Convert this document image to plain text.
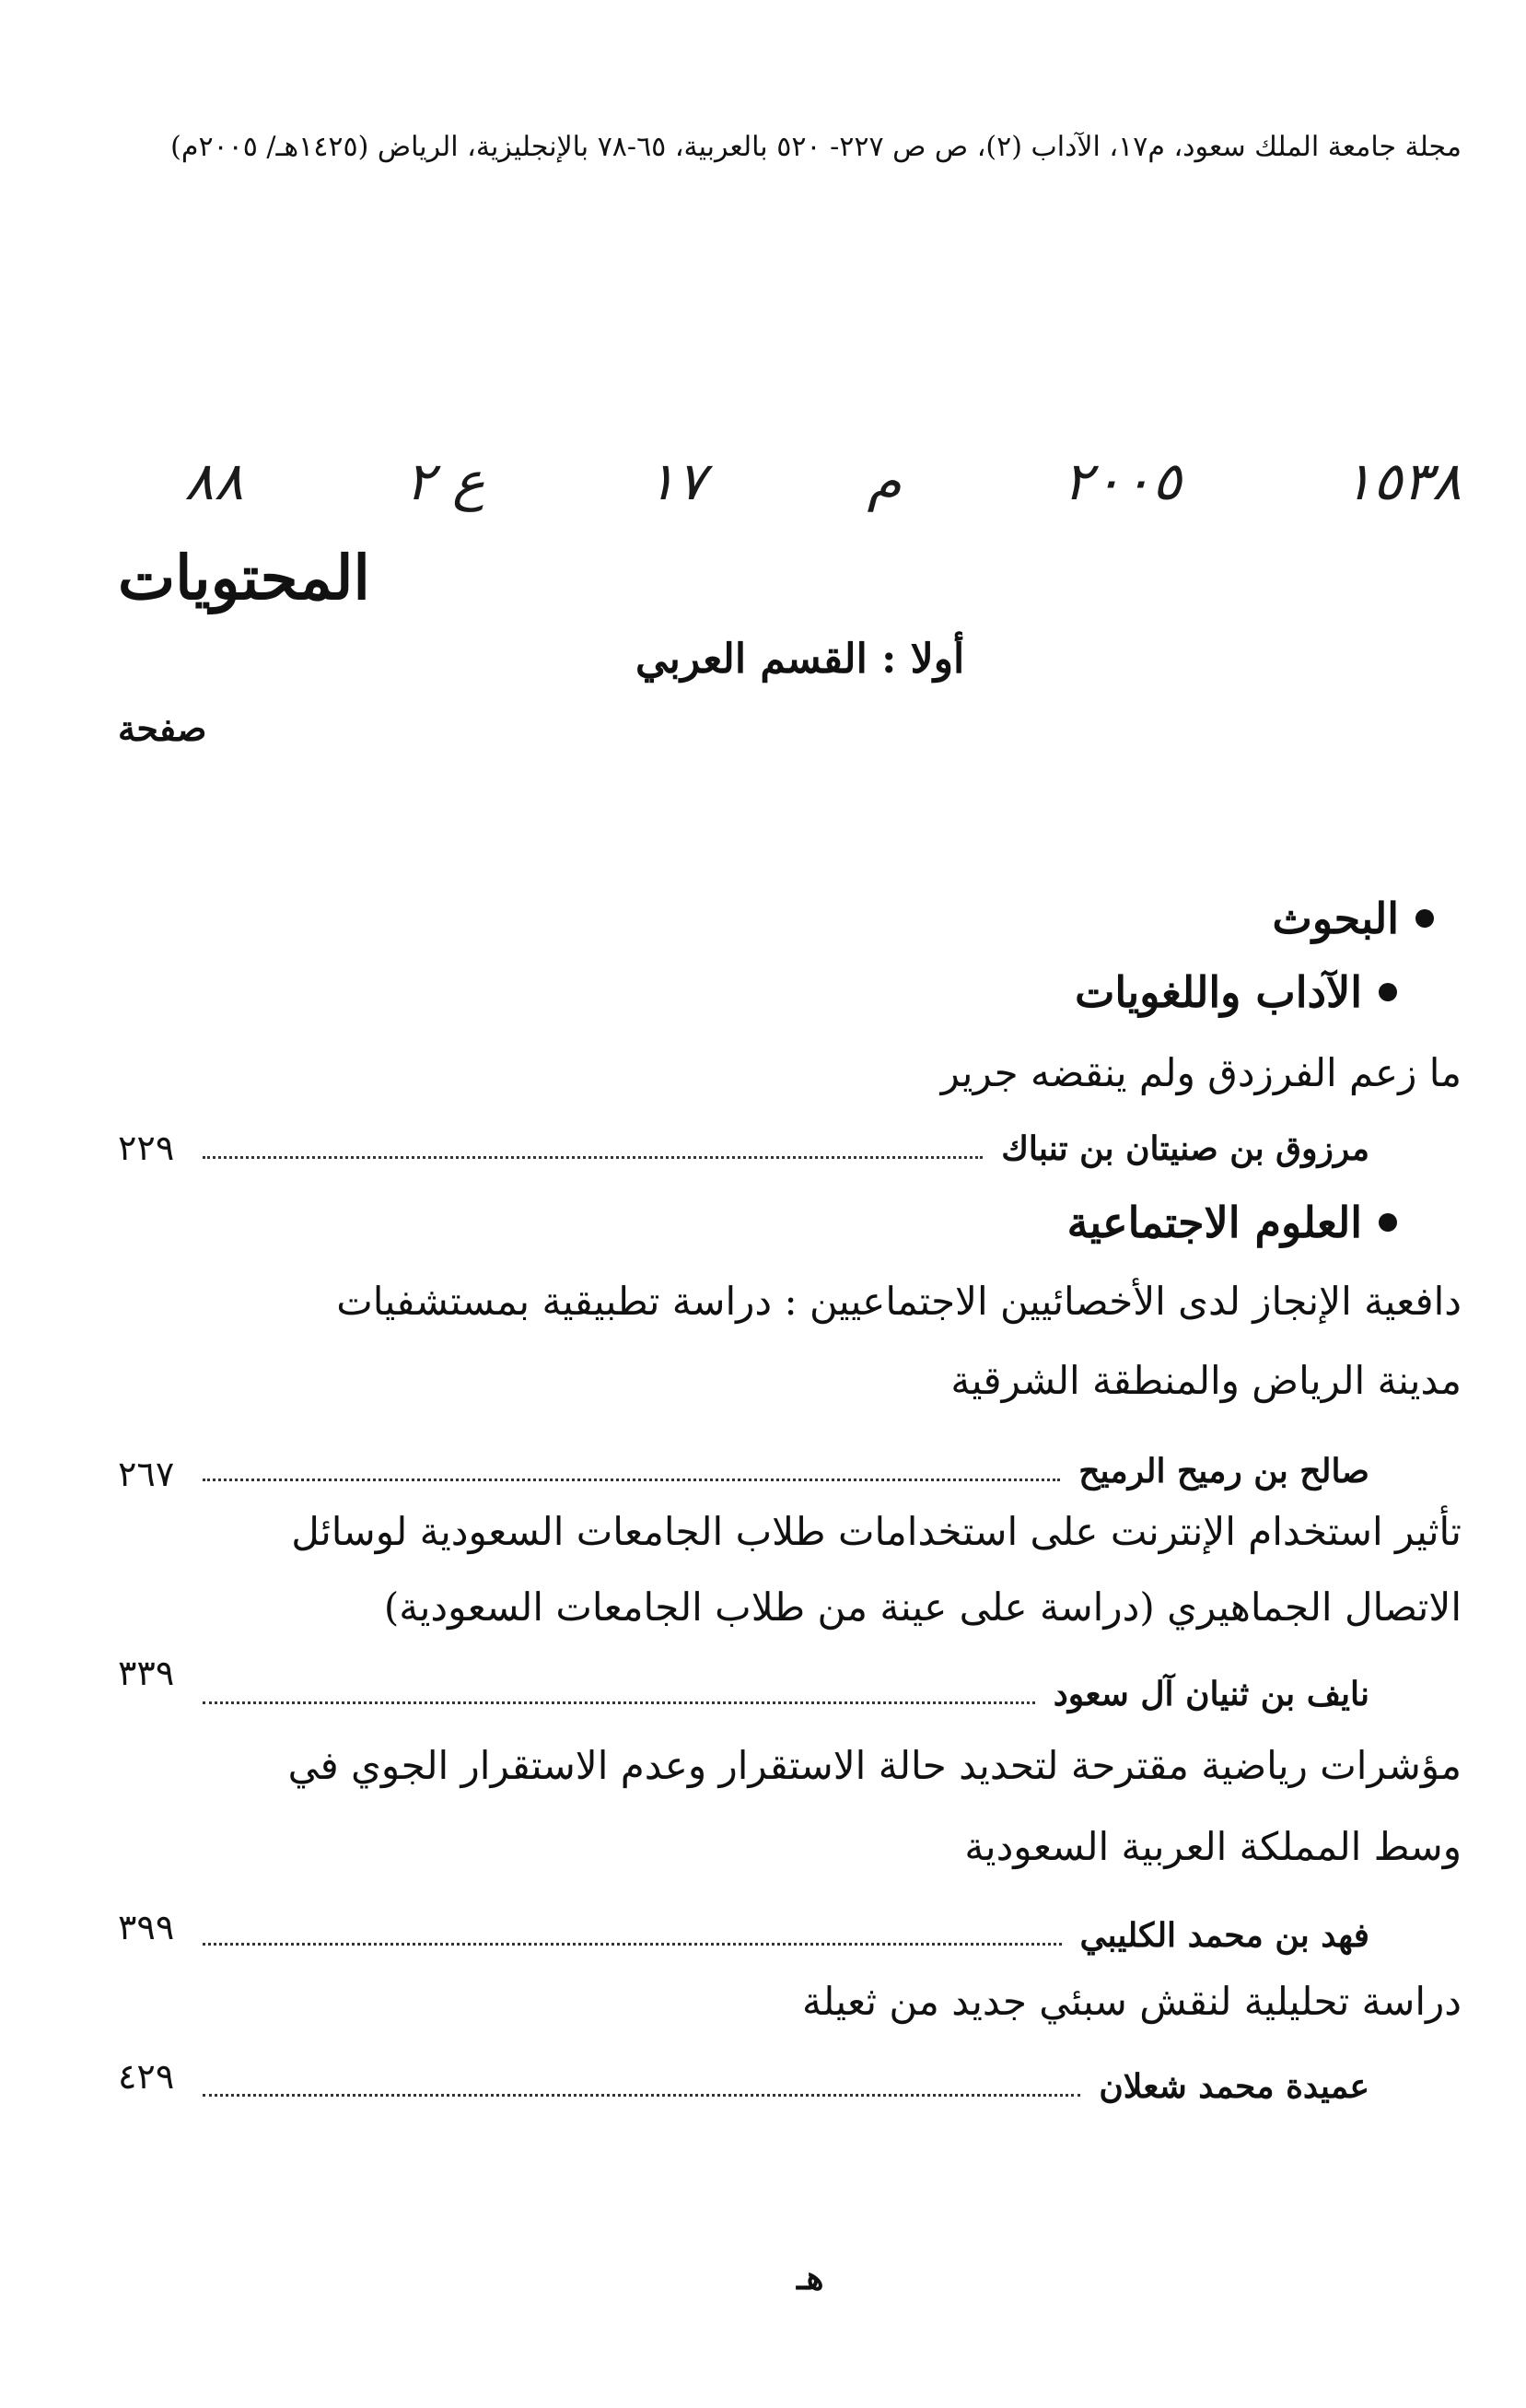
مجلة جامعة الملك سعود، م١٧، الآداب (٢)، ص ص ٢٢٧- ٥٢٠ بالعربية، ٦٥-٧٨ بالإنجليزية، الرياض (١٤٢٥هـ/ ٢٠٠٥م)
١٥٣٨
٢٠٠٥
م
١٧
ع ٢
٨٨
المحتويات
أولا : القسم العربي
صفحة
البحوث
الآداب واللغويات
ما زعم الفرزدق ولم ينقضه جرير
مرزوق بن صنيتان بن تنباك
٢٢٩
العلوم الاجتماعية
دافعية الإنجاز لدى الأخصائيين الاجتماعيين : دراسة تطبيقية بمستشفيات
مدينة الرياض والمنطقة الشرقية
صالح بن رميح الرميح
٢٦٧
تأثير استخدام الإنترنت على استخدامات طلاب الجامعات السعودية لوسائل
الاتصال الجماهيري (دراسة على عينة من طلاب الجامعات السعودية)
نايف بن ثنيان آل سعود
٣٣٩
مؤشرات رياضية مقترحة لتحديد حالة الاستقرار وعدم الاستقرار الجوي في
وسط المملكة العربية السعودية
فهد بن محمد الكليبي
٣٩٩
دراسة تحليلية لنقش سبئي جديد من ثعيلة
عميدة محمد شعلان
٤٢٩
هـ
